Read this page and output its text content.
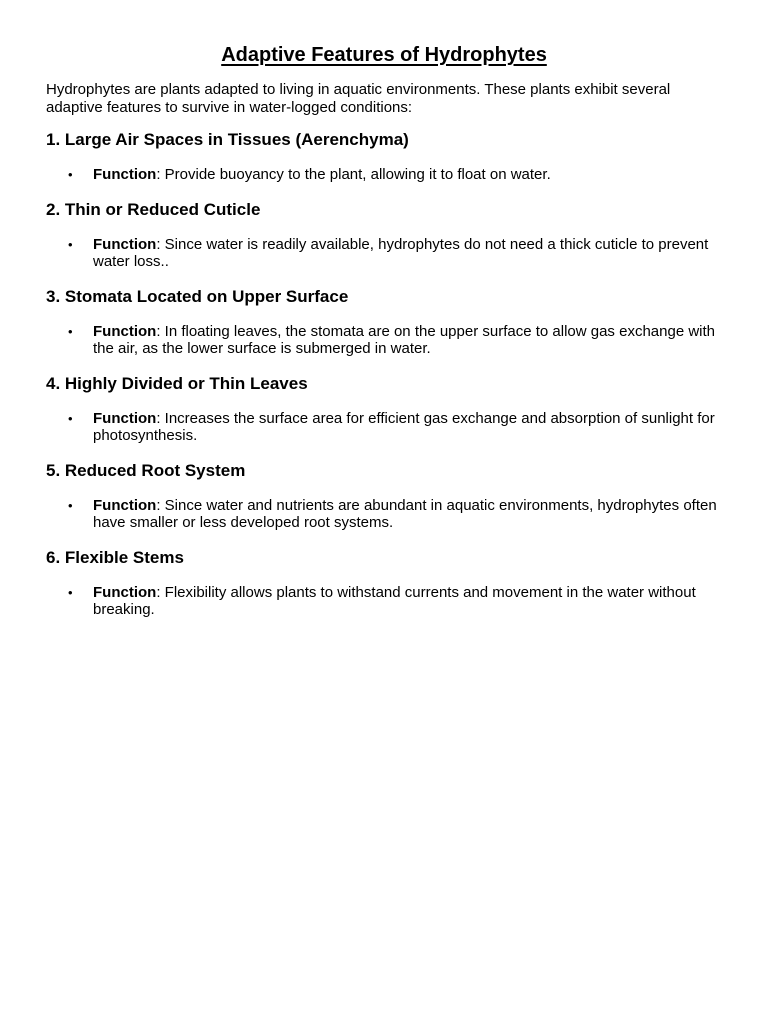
Adaptive Features of Hydrophytes

Hydrophytes are plants adapted to living in aquatic environments. These plants exhibit several adaptive features to survive in water-logged conditions:

1. Large Air Spaces in Tissues (Aerenchyma)
• Function: Provide buoyancy to the plant, allowing it to float on water.
2. Thin or Reduced Cuticle
• Function: Since water is readily available, hydrophytes do not need a thick cuticle to prevent water loss..
3. Stomata Located on Upper Surface
• Function: In floating leaves, the stomata are on the upper surface to allow gas exchange with the air, as the lower surface is submerged in water.
4. Highly Divided or Thin Leaves
• Function: Increases the surface area for efficient gas exchange and absorption of sunlight for photosynthesis.
5. Reduced Root System
• Function: Since water and nutrients are abundant in aquatic environments, hydrophytes often have smaller or less developed root systems.
6. Flexible Stems
• Function: Flexibility allows plants to withstand currents and movement in the water without breaking.
